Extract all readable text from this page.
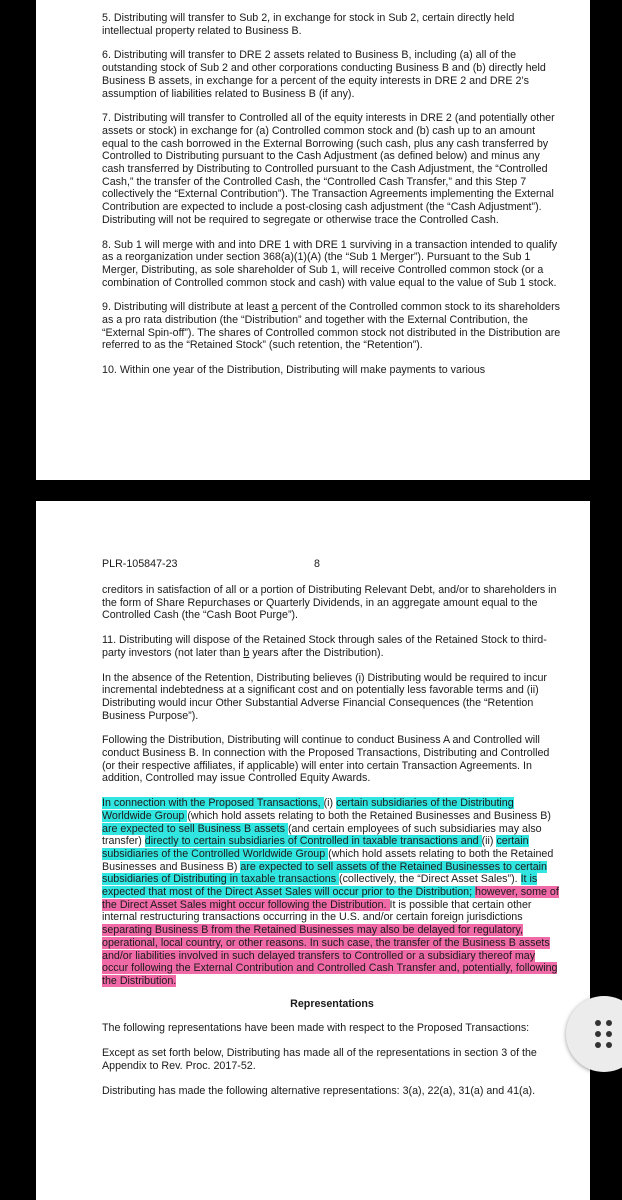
5. Distributing will transfer to Sub 2, in exchange for stock in Sub 2, certain directly held intellectual property related to Business B.

6. Distributing will transfer to DRE 2 assets related to Business B, including (a) all of the outstanding stock of Sub 2 and other corporations conducting Business B and (b) directly held Business B assets, in exchange for a percent of the equity interests in DRE 2 and DRE 2’s assumption of liabilities related to Business B (if any).

7. Distributing will transfer to Controlled all of the equity interests in DRE 2 (and potentially other assets or stock) in exchange for (a) Controlled common stock and (b) cash up to an amount equal to the cash borrowed in the External Borrowing (such cash, plus any cash transferred by Controlled to Distributing pursuant to the Cash Adjustment (as defined below) and minus any cash transferred by Distributing to Controlled pursuant to the Cash Adjustment, the “Controlled Cash,” the transfer of the Controlled Cash, the “Controlled Cash Transfer,” and this Step 7 collectively the “External Contribution”). The Transaction Agreements implementing the External Contribution are expected to include a post-closing cash adjustment (the “Cash Adjustment”). Distributing will not be required to segregate or otherwise trace the Controlled Cash.

8. Sub 1 will merge with and into DRE 1 with DRE 1 surviving in a transaction intended to qualify as a reorganization under section 368(a)(1)(A) (the “Sub 1 Merger”). Pursuant to the Sub 1 Merger, Distributing, as sole shareholder of Sub 1, will receive Controlled common stock (or a combination of Controlled common stock and cash) with value equal to the value of Sub 1 stock.

9. Distributing will distribute at least a percent of the Controlled common stock to its shareholders as a pro rata distribution (the “Distribution” and together with the External Contribution, the “External Spin-off”). The shares of Controlled common stock not distributed in the Distribution are referred to as the “Retained Stock” (such retention, the “Retention”).

10. Within one year of the Distribution, Distributing will make payments to various

PLR-105847-23	8

creditors in satisfaction of all or a portion of Distributing Relevant Debt, and/or to shareholders in the form of Share Repurchases or Quarterly Dividends, in an aggregate amount equal to the Controlled Cash (the “Cash Boot Purge”).

11. Distributing will dispose of the Retained Stock through sales of the Retained Stock to third-party investors (not later than b years after the Distribution).

In the absence of the Retention, Distributing believes (i) Distributing would be required to incur incremental indebtedness at a significant cost and on potentially less favorable terms and (ii) Distributing would incur Other Substantial Adverse Financial Consequences (the “Retention Business Purpose”).

Following the Distribution, Distributing will continue to conduct Business A and Controlled will conduct Business B. In connection with the Proposed Transactions, Distributing and Controlled (or their respective affiliates, if applicable) will enter into certain Transaction Agreements. In addition, Controlled may issue Controlled Equity Awards.

In connection with the Proposed Transactions, (i) certain subsidiaries of the Distributing Worldwide Group (which hold assets relating to both the Retained Businesses and Business B) are expected to sell Business B assets (and certain employees of such subsidiaries may also transfer) directly to certain subsidiaries of Controlled in taxable transactions and (ii) certain subsidiaries of the Controlled Worldwide Group (which hold assets relating to both the Retained Businesses and Business B) are expected to sell assets of the Retained Businesses to certain subsidiaries of Distributing in taxable transactions (collectively, the “Direct Asset Sales”). It is expected that most of the Direct Asset Sales will occur prior to the Distribution; however, some of the Direct Asset Sales might occur following the Distribution. It is possible that certain other internal restructuring transactions occurring in the U.S. and/or certain foreign jurisdictions separating Business B from the Retained Businesses may also be delayed for regulatory, operational, local country, or other reasons. In such case, the transfer of the Business B assets and/or liabilities involved in such delayed transfers to Controlled or a subsidiary thereof may occur following the External Contribution and Controlled Cash Transfer and, potentially, following the Distribution.

Representations

The following representations have been made with respect to the Proposed Transactions:

Except as set forth below, Distributing has made all of the representations in section 3 of the Appendix to Rev. Proc. 2017-52.

Distributing has made the following alternative representations: 3(a), 22(a), 31(a) and 41(a).
